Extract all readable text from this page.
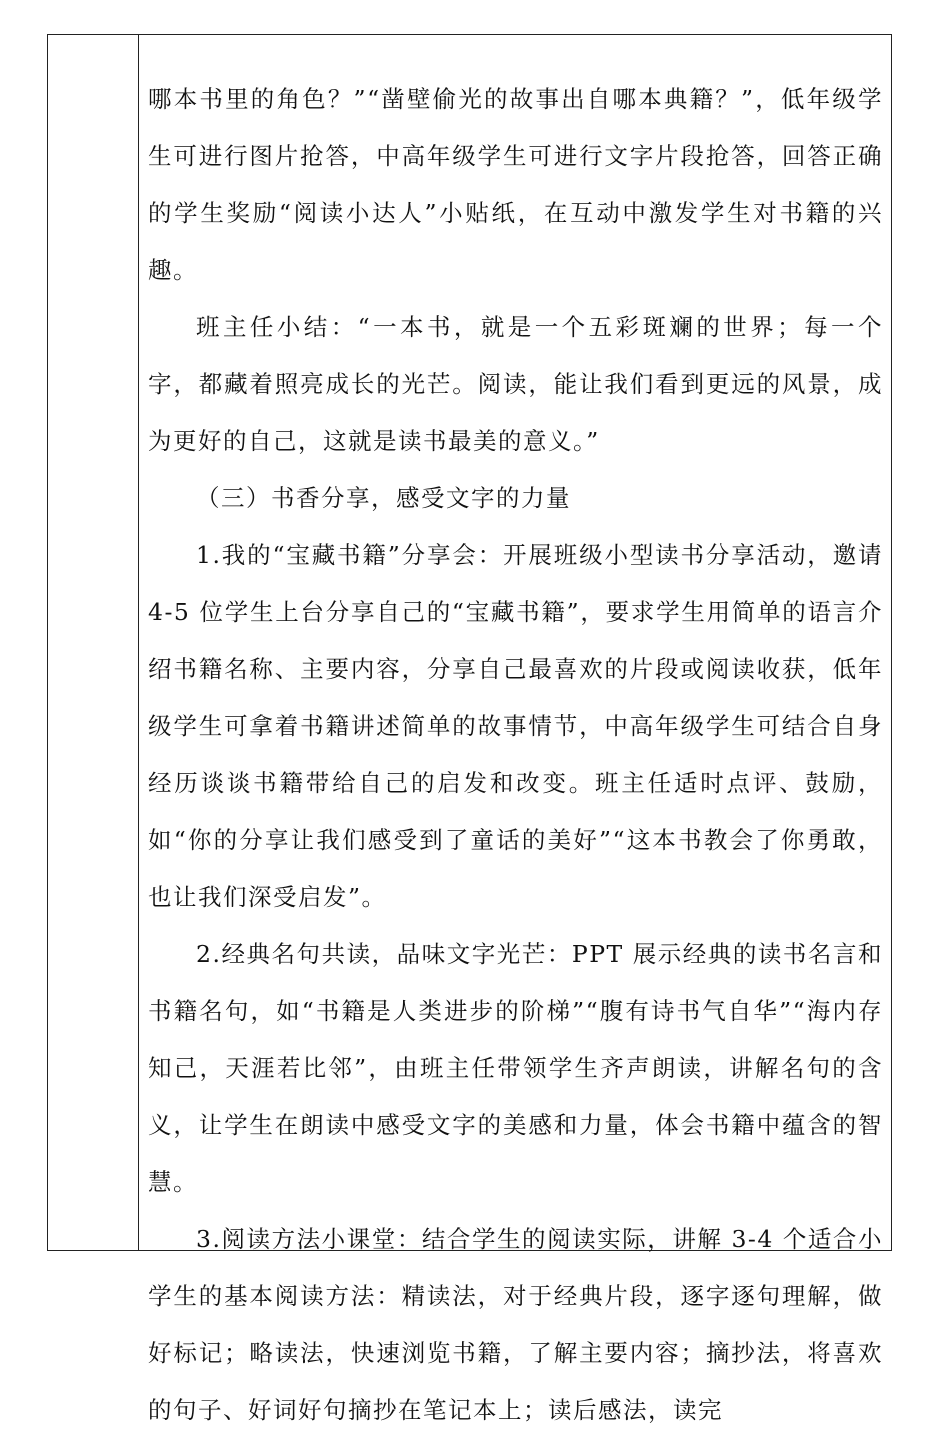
哪本书里的角色？”“凿壁偷光的故事出自哪本典籍？”，低年级学生可进行图片抢答，中高年级学生可进行文字片段抢答，回答正确的学生奖励“阅读小达人”小贴纸，在互动中激发学生对书籍的兴趣。

班主任小结：“一本书，就是一个五彩斑斓的世界；每一个字，都藏着照亮成长的光芒。阅读，能让我们看到更远的风景，成为更好的自己，这就是读书最美的意义。”

（三）书香分享，感受文字的力量

1.我的“宝藏书籍”分享会：开展班级小型读书分享活动，邀请 4-5 位学生上台分享自己的“宝藏书籍”，要求学生用简单的语言介绍书籍名称、主要内容，分享自己最喜欢的片段或阅读收获，低年级学生可拿着书籍讲述简单的故事情节，中高年级学生可结合自身经历谈谈书籍带给自己的启发和改变。班主任适时点评、鼓励，如“你的分享让我们感受到了童话的美好”“这本书教会了你勇敢，也让我们深受启发”。

2.经典名句共读，品味文字光芒：PPT 展示经典的读书名言和书籍名句，如“书籍是人类进步的阶梯”“腹有诗书气自华”“海内存知己，天涯若比邻”，由班主任带领学生齐声朗读，讲解名句的含义，让学生在朗读中感受文字的美感和力量，体会书籍中蕴含的智慧。

3.阅读方法小课堂：结合学生的阅读实际，讲解 3-4 个适合小学生的基本阅读方法：精读法，对于经典片段，逐字逐句理解，做好标记；略读法，快速浏览书籍，了解主要内容；摘抄法，将喜欢的句子、好词好句摘抄在笔记本上；读后感法，读完
